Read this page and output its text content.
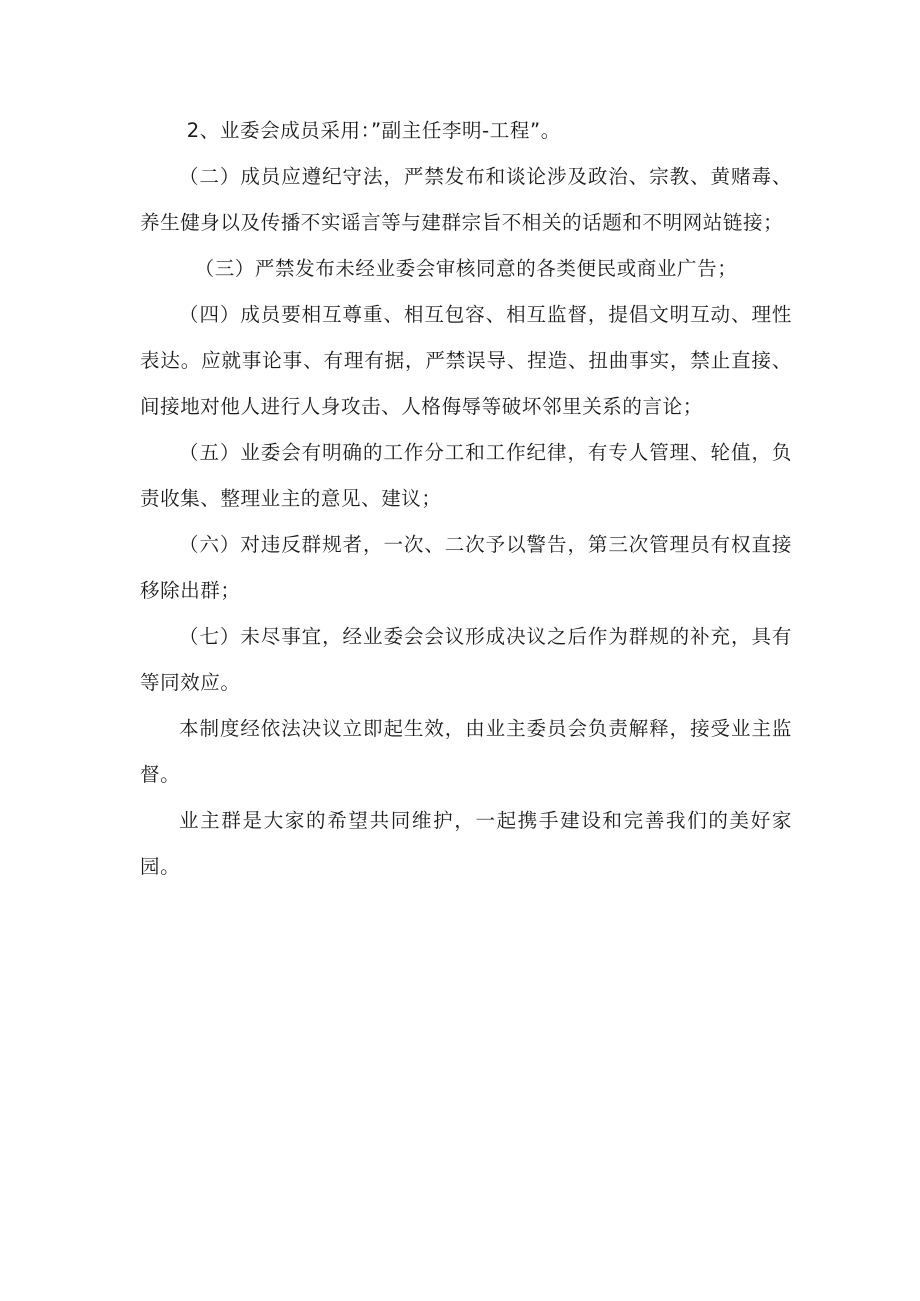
2、业委会成员采用：”副主任李明-工程”。

（二）成员应遵纪守法，严禁发布和谈论涉及政治、宗教、黄赌毒、养生健身以及传播不实谣言等与建群宗旨不相关的话题和不明网站链接；

（三）严禁发布未经业委会审核同意的各类便民或商业广告；

（四）成员要相互尊重、相互包容、相互监督，提倡文明互动、理性表达。应就事论事、有理有据，严禁误导、捏造、扭曲事实，禁止直接、间接地对他人进行人身攻击、人格侮辱等破坏邻里关系的言论；

（五）业委会有明确的工作分工和工作纪律，有专人管理、轮值，负责收集、整理业主的意见、建议；

（六）对违反群规者，一次、二次予以警告，第三次管理员有权直接移除出群；

（七）未尽事宜，经业委会会议形成决议之后作为群规的补充，具有等同效应。

本制度经依法决议立即起生效，由业主委员会负责解释，接受业主监督。

业主群是大家的希望共同维护，一起携手建设和完善我们的美好家园。
